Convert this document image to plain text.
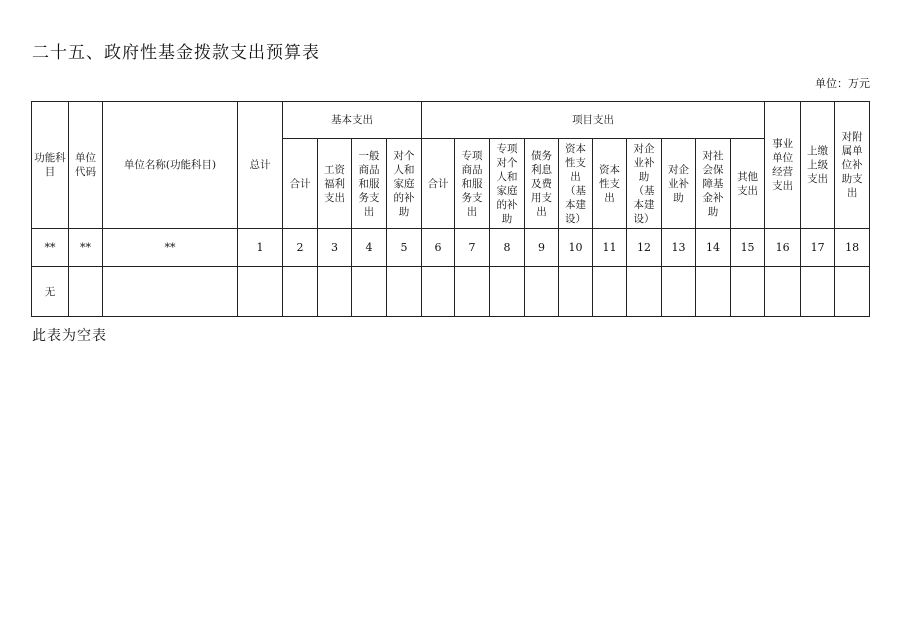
二十五、政府性基金拨款支出预算表
单位：万元
功能科目	单位代码	单位名称(功能科目)	总计	基本支出				项目支出										事业单位经营支出	上缴上级支出	对附属单位补助支出
				合计	工资福利支出	一般商品和服务支出	对个人和家庭的补助	合计	专项商品和服务支出	专项对个人和家庭的补助	债务利息及费用支出	资本性支出（基本建设）	资本性支出	对企业补助（基本建设）	对企业补助	对社会保障基金补助	其他支出			
**	**	**	1	2	3	4	5	6	7	8	9	10	11	12	13	14	15	16	17	18
无																				
此表为空表
